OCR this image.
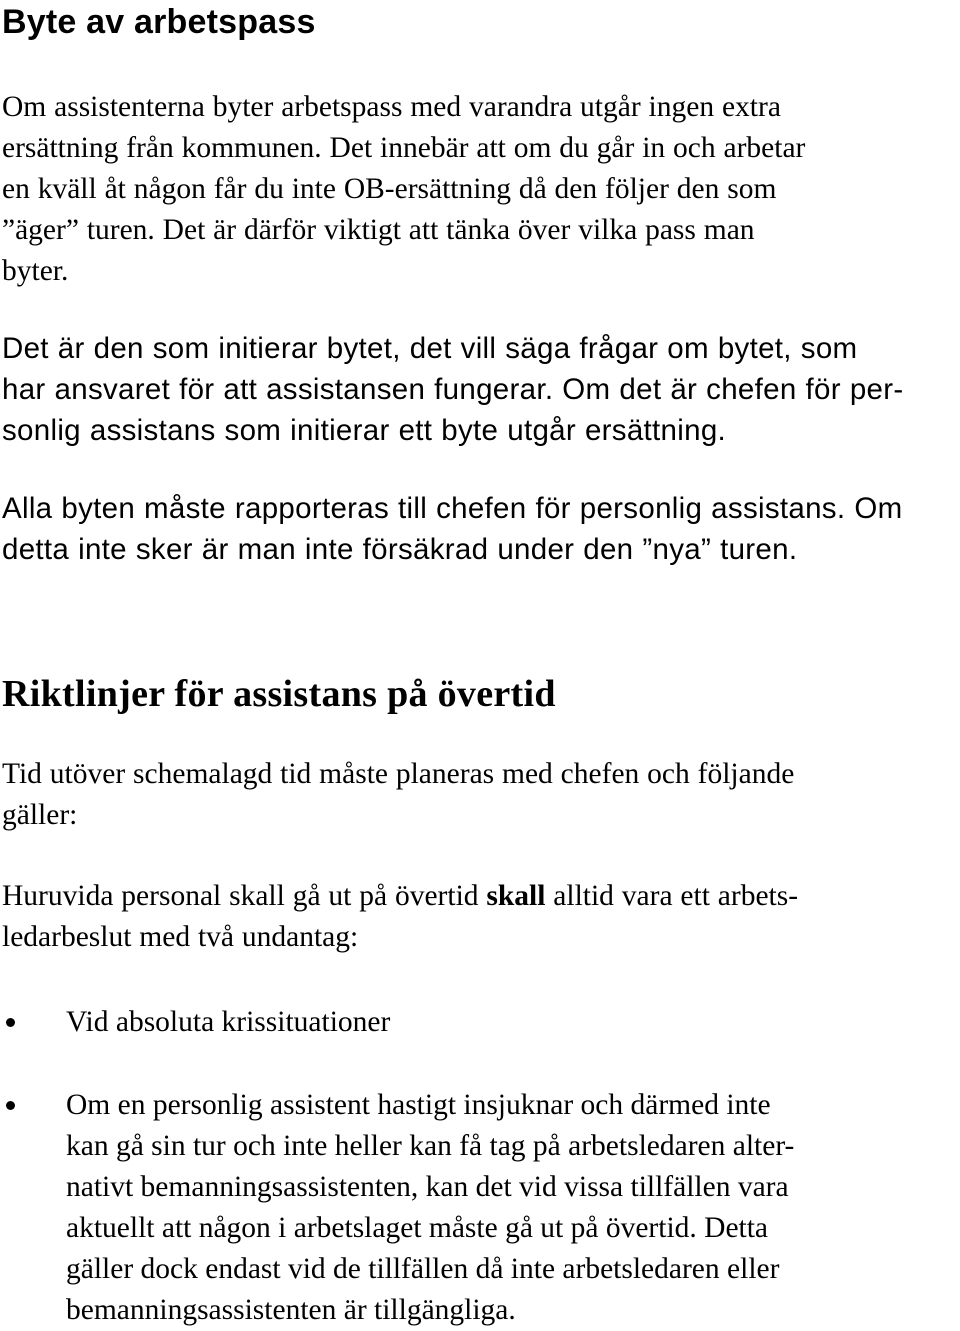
Byte av arbetspass

Om assistenterna byter arbetspass med varandra utgår ingen extra
ersättning från kommunen. Det innebär att om du går in och arbetar
en kväll åt någon får du inte OB-ersättning då den följer den som
”äger” turen. Det är därför viktigt att tänka över vilka pass man
byter.

Det är den som initierar bytet, det vill säga frågar om bytet, som
har ansvaret för att assistansen fungerar. Om det är chefen för per-
sonlig assistans som initierar ett byte utgår ersättning.

Alla byten måste rapporteras till chefen för personlig assistans. Om
detta inte sker är man inte försäkrad under den ”nya” turen.

Riktlinjer för assistans på övertid

Tid utöver schemalagd tid måste planeras med chefen och följande
gäller:

Huruvida personal skall gå ut på övertid skall alltid vara ett arbets-
ledarbeslut med två undantag:

Vid absoluta krissituationer
Om en personlig assistent hastigt insjuknar och därmed inte
kan gå sin tur och inte heller kan få tag på arbetsledaren alter-
nativt bemanningsassistenten, kan det vid vissa tillfällen vara
aktuellt att någon i arbetslaget måste gå ut på övertid. Detta
gäller dock endast vid de tillfällen då inte arbetsledaren eller
bemanningsassistenten är tillgängliga.
